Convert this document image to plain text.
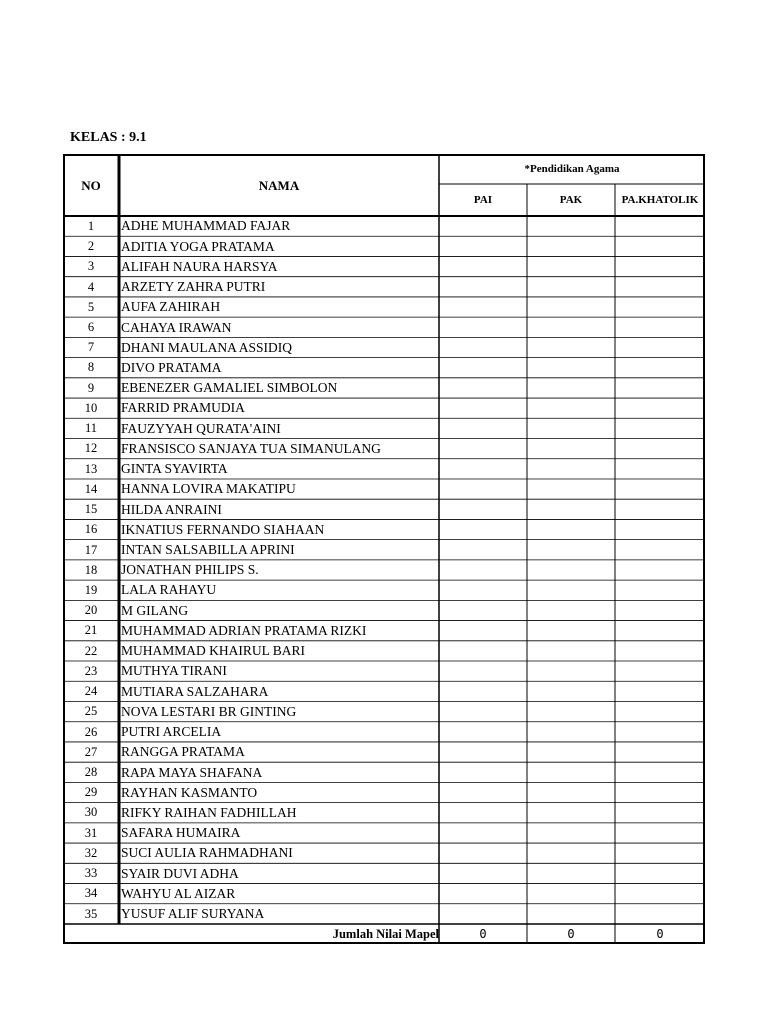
KELAS : 9.1
NO	NAMA
*Pendidikan Agama
PAI	PAK	PA.KHATOLIK
1	ADHE MUHAMMAD FAJAR
2	ADITIA YOGA PRATAMA
3	ALIFAH NAURA HARSYA
4	ARZETY ZAHRA PUTRI
5	AUFA ZAHIRAH
6	CAHAYA IRAWAN
7	DHANI MAULANA ASSIDIQ
8	DIVO PRATAMA
9	EBENEZER GAMALIEL SIMBOLON
10	FARRID PRAMUDIA
11	FAUZYYAH QURATA'AINI
12	FRANSISCO SANJAYA TUA SIMANULANG
13	GINTA SYAVIRTA
14	HANNA LOVIRA MAKATIPU
15	HILDA ANRAINI
16	IKNATIUS FERNANDO SIAHAAN
17	INTAN SALSABILLA APRINI
18	JONATHAN PHILIPS S.
19	LALA RAHAYU
20	M GILANG
21	MUHAMMAD ADRIAN PRATAMA RIZKI
22	MUHAMMAD KHAIRUL BARI
23	MUTHYA TIRANI
24	MUTIARA SALZAHARA
25	NOVA LESTARI BR GINTING
26	PUTRI ARCELIA
27	RANGGA PRATAMA
28	RAPA MAYA SHAFANA
29	RAYHAN KASMANTO
30	RIFKY RAIHAN FADHILLAH
31	SAFARA HUMAIRA
32	SUCI AULIA RAHMADHANI
33	SYAIR DUVI ADHA
34	WAHYU AL AIZAR
35	YUSUF ALIF SURYANA
Jumlah Nilai Mapel	0	0	0
